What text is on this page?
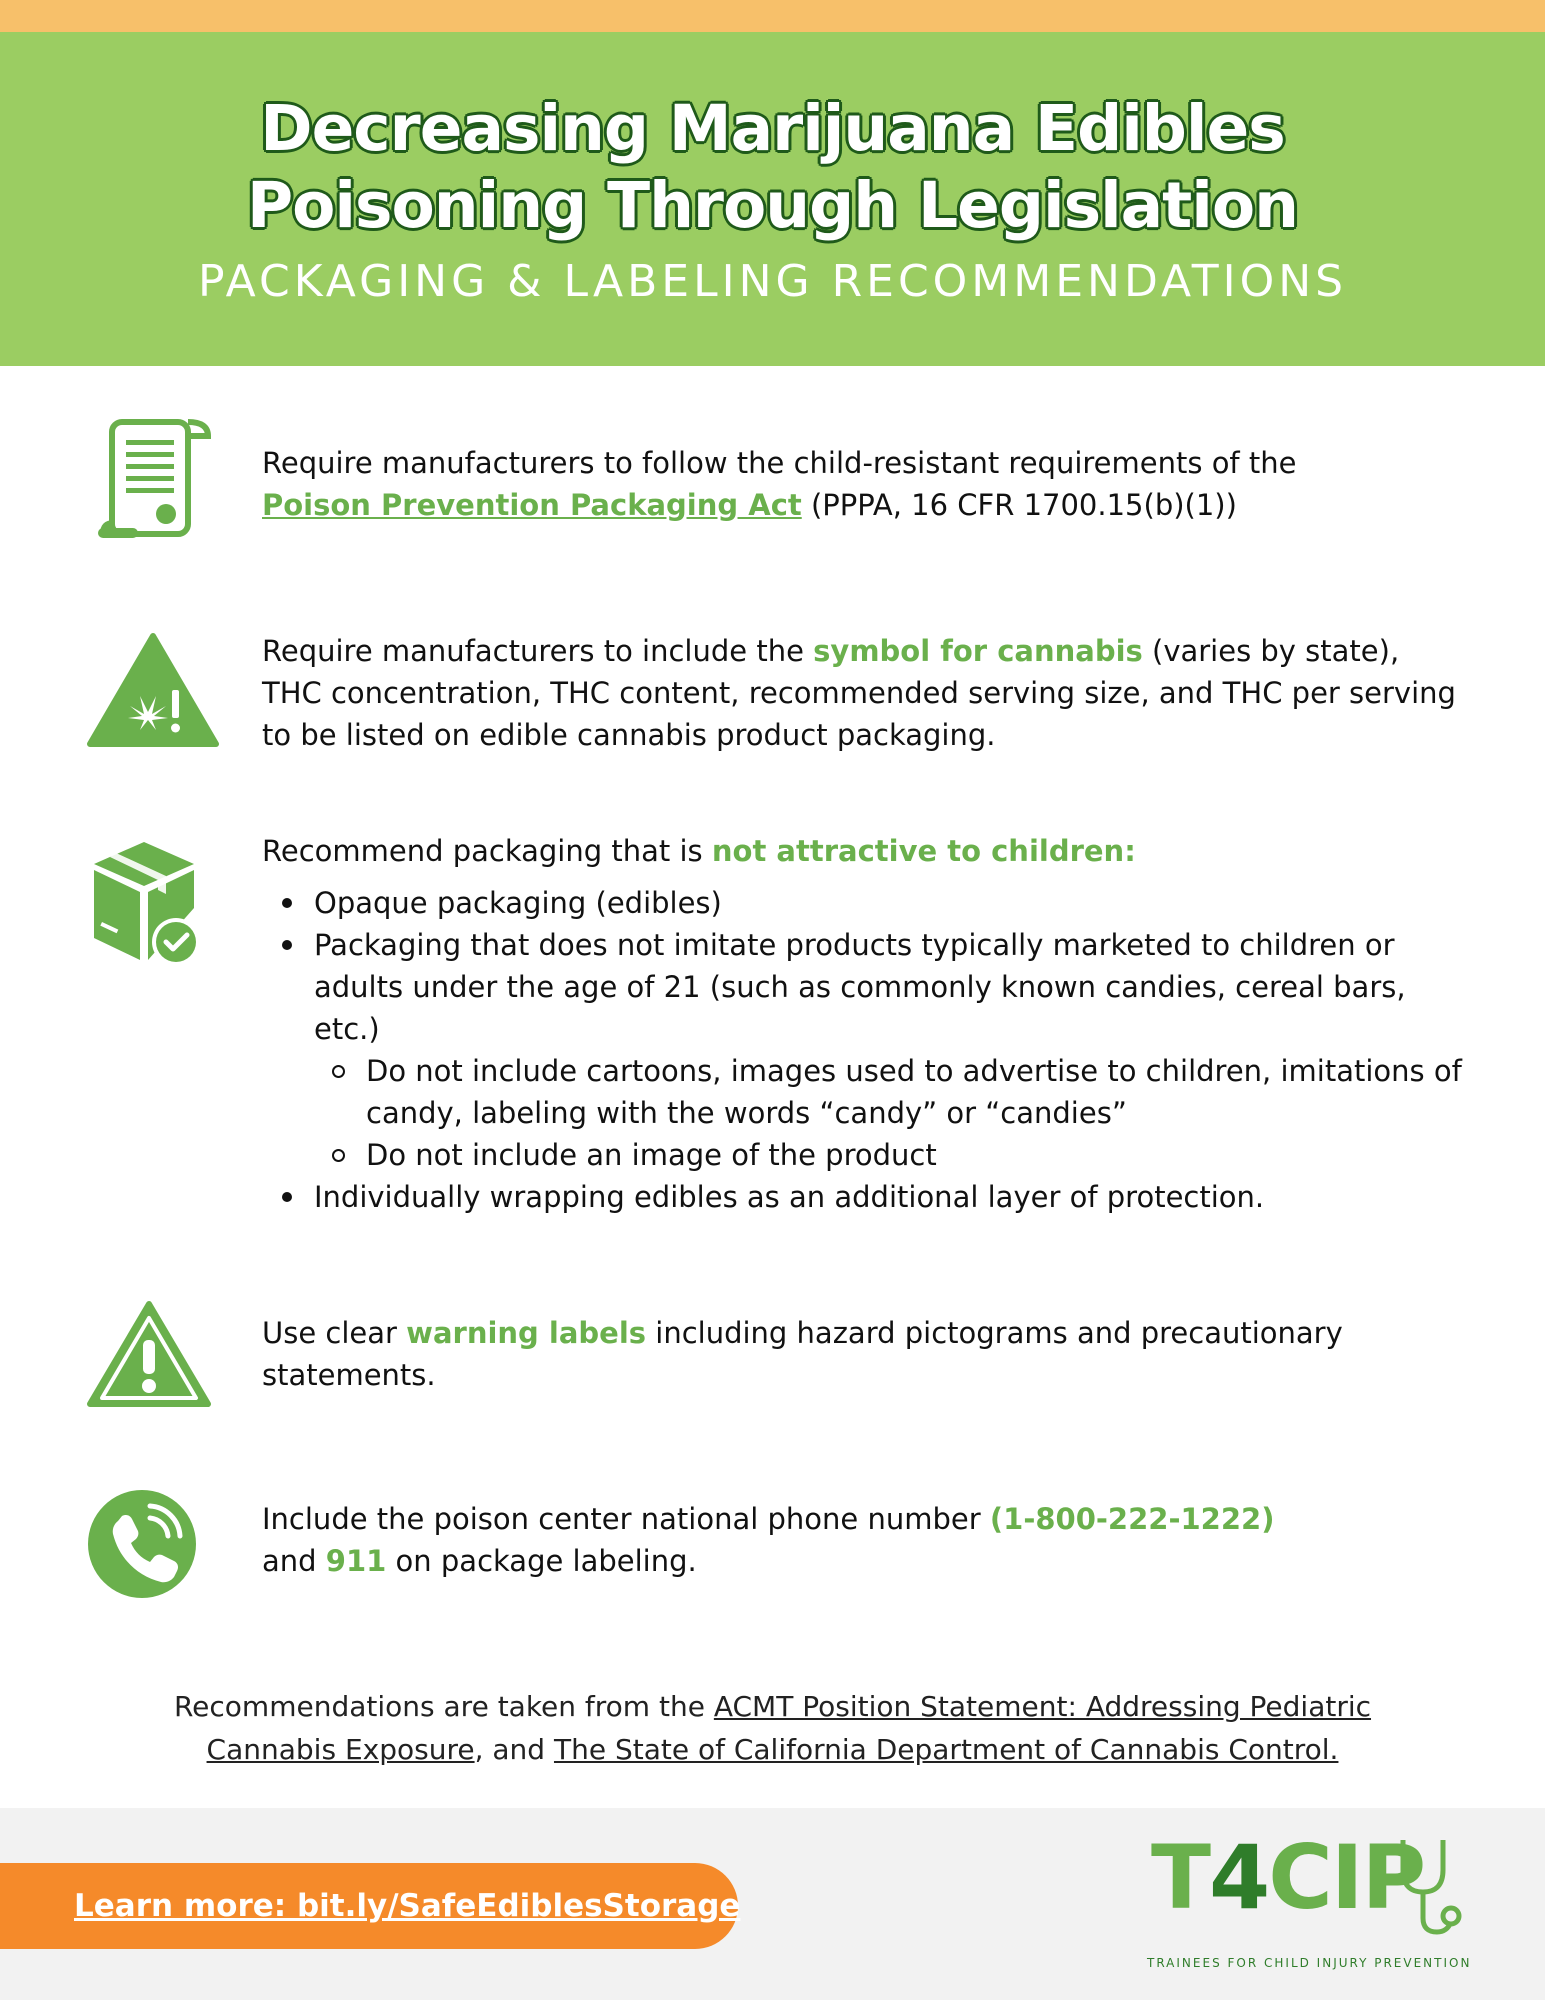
Decreasing Marijuana Edibles
Poisoning Through Legislation
PACKAGING & LABELING RECOMMENDATIONS
Require manufacturers to follow the child-resistant requirements of the
Poison Prevention Packaging Act (PPPA, 16 CFR 1700.15(b)(1))
Require manufacturers to include the symbol for cannabis (varies by state), THC concentration, THC content, recommended serving size, and THC per serving to be listed on edible cannabis product packaging.
Recommend packaging that is not attractive to children:
Opaque packaging (edibles)
Packaging that does not imitate products typically marketed to children or adults under the age of 21 (such as commonly known candies, cereal bars, etc.)
Do not include cartoons, images used to advertise to children, imitations of candy, labeling with the words “candy” or “candies”
Do not include an image of the product
Individually wrapping edibles as an additional layer of protection.
Use clear warning labels including hazard pictograms and precautionary statements.
Include the poison center national phone number (1-800-222-1222)
and 911 on package labeling.
Recommendations are taken from the ACMT Position Statement: Addressing Pediatric
Cannabis Exposure, and The State of California Department of Cannabis Control.
Learn more: bit.ly/SafeEdiblesStorage	T4CIP
TRAINEES FOR CHILD INJURY PREVENTION
